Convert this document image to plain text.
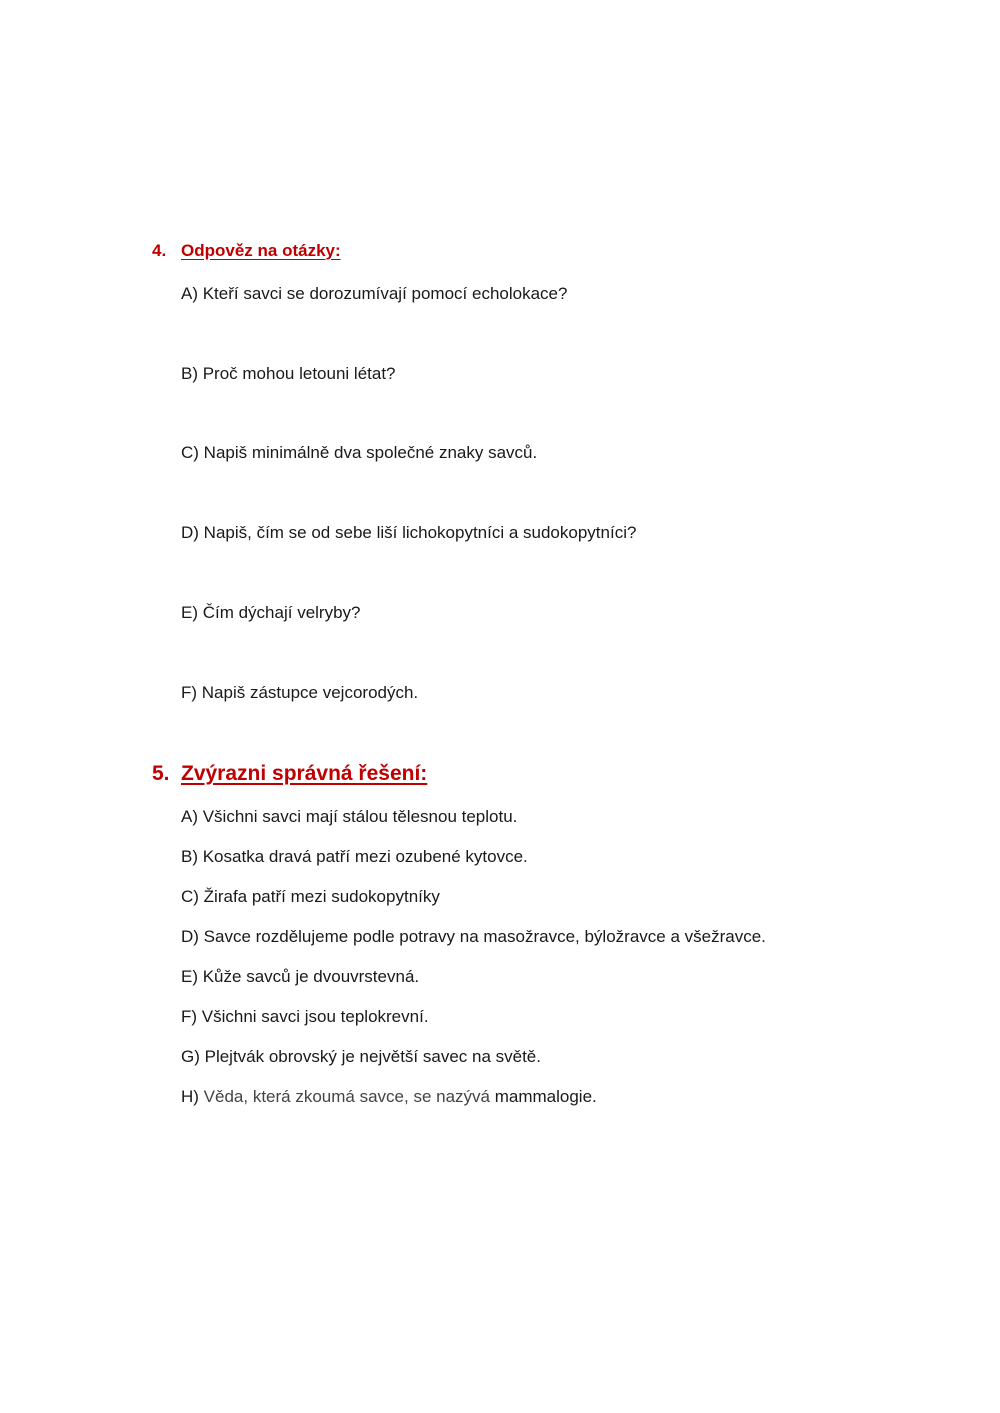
4. Odpověz na otázky:
A) Kteří savci se dorozumívají pomocí echolokace?
B) Proč mohou letouni létat?
C) Napiš minimálně dva společné znaky savců.
D) Napiš, čím se od sebe liší lichokopytníci a sudokopytníci?
E) Čím dýchají velryby?
F) Napiš zástupce vejcorodých.
5. Zvýrazni správná řešení:
A) Všichni savci mají stálou tělesnou teplotu.
B) Kosatka dravá patří mezi ozubené kytovce.
C) Žirafa patří mezi sudokopytníky
D) Savce rozdělujeme podle potravy na masožravce, býložravce a všežravce.
E) Kůže savců je dvouvrstevná.
F) Všichni savci jsou teplokrevní.
G) Plejtvák obrovský je největší savec na světě.
H) Věda, která zkoumá savce, se nazývá mammalogie.
